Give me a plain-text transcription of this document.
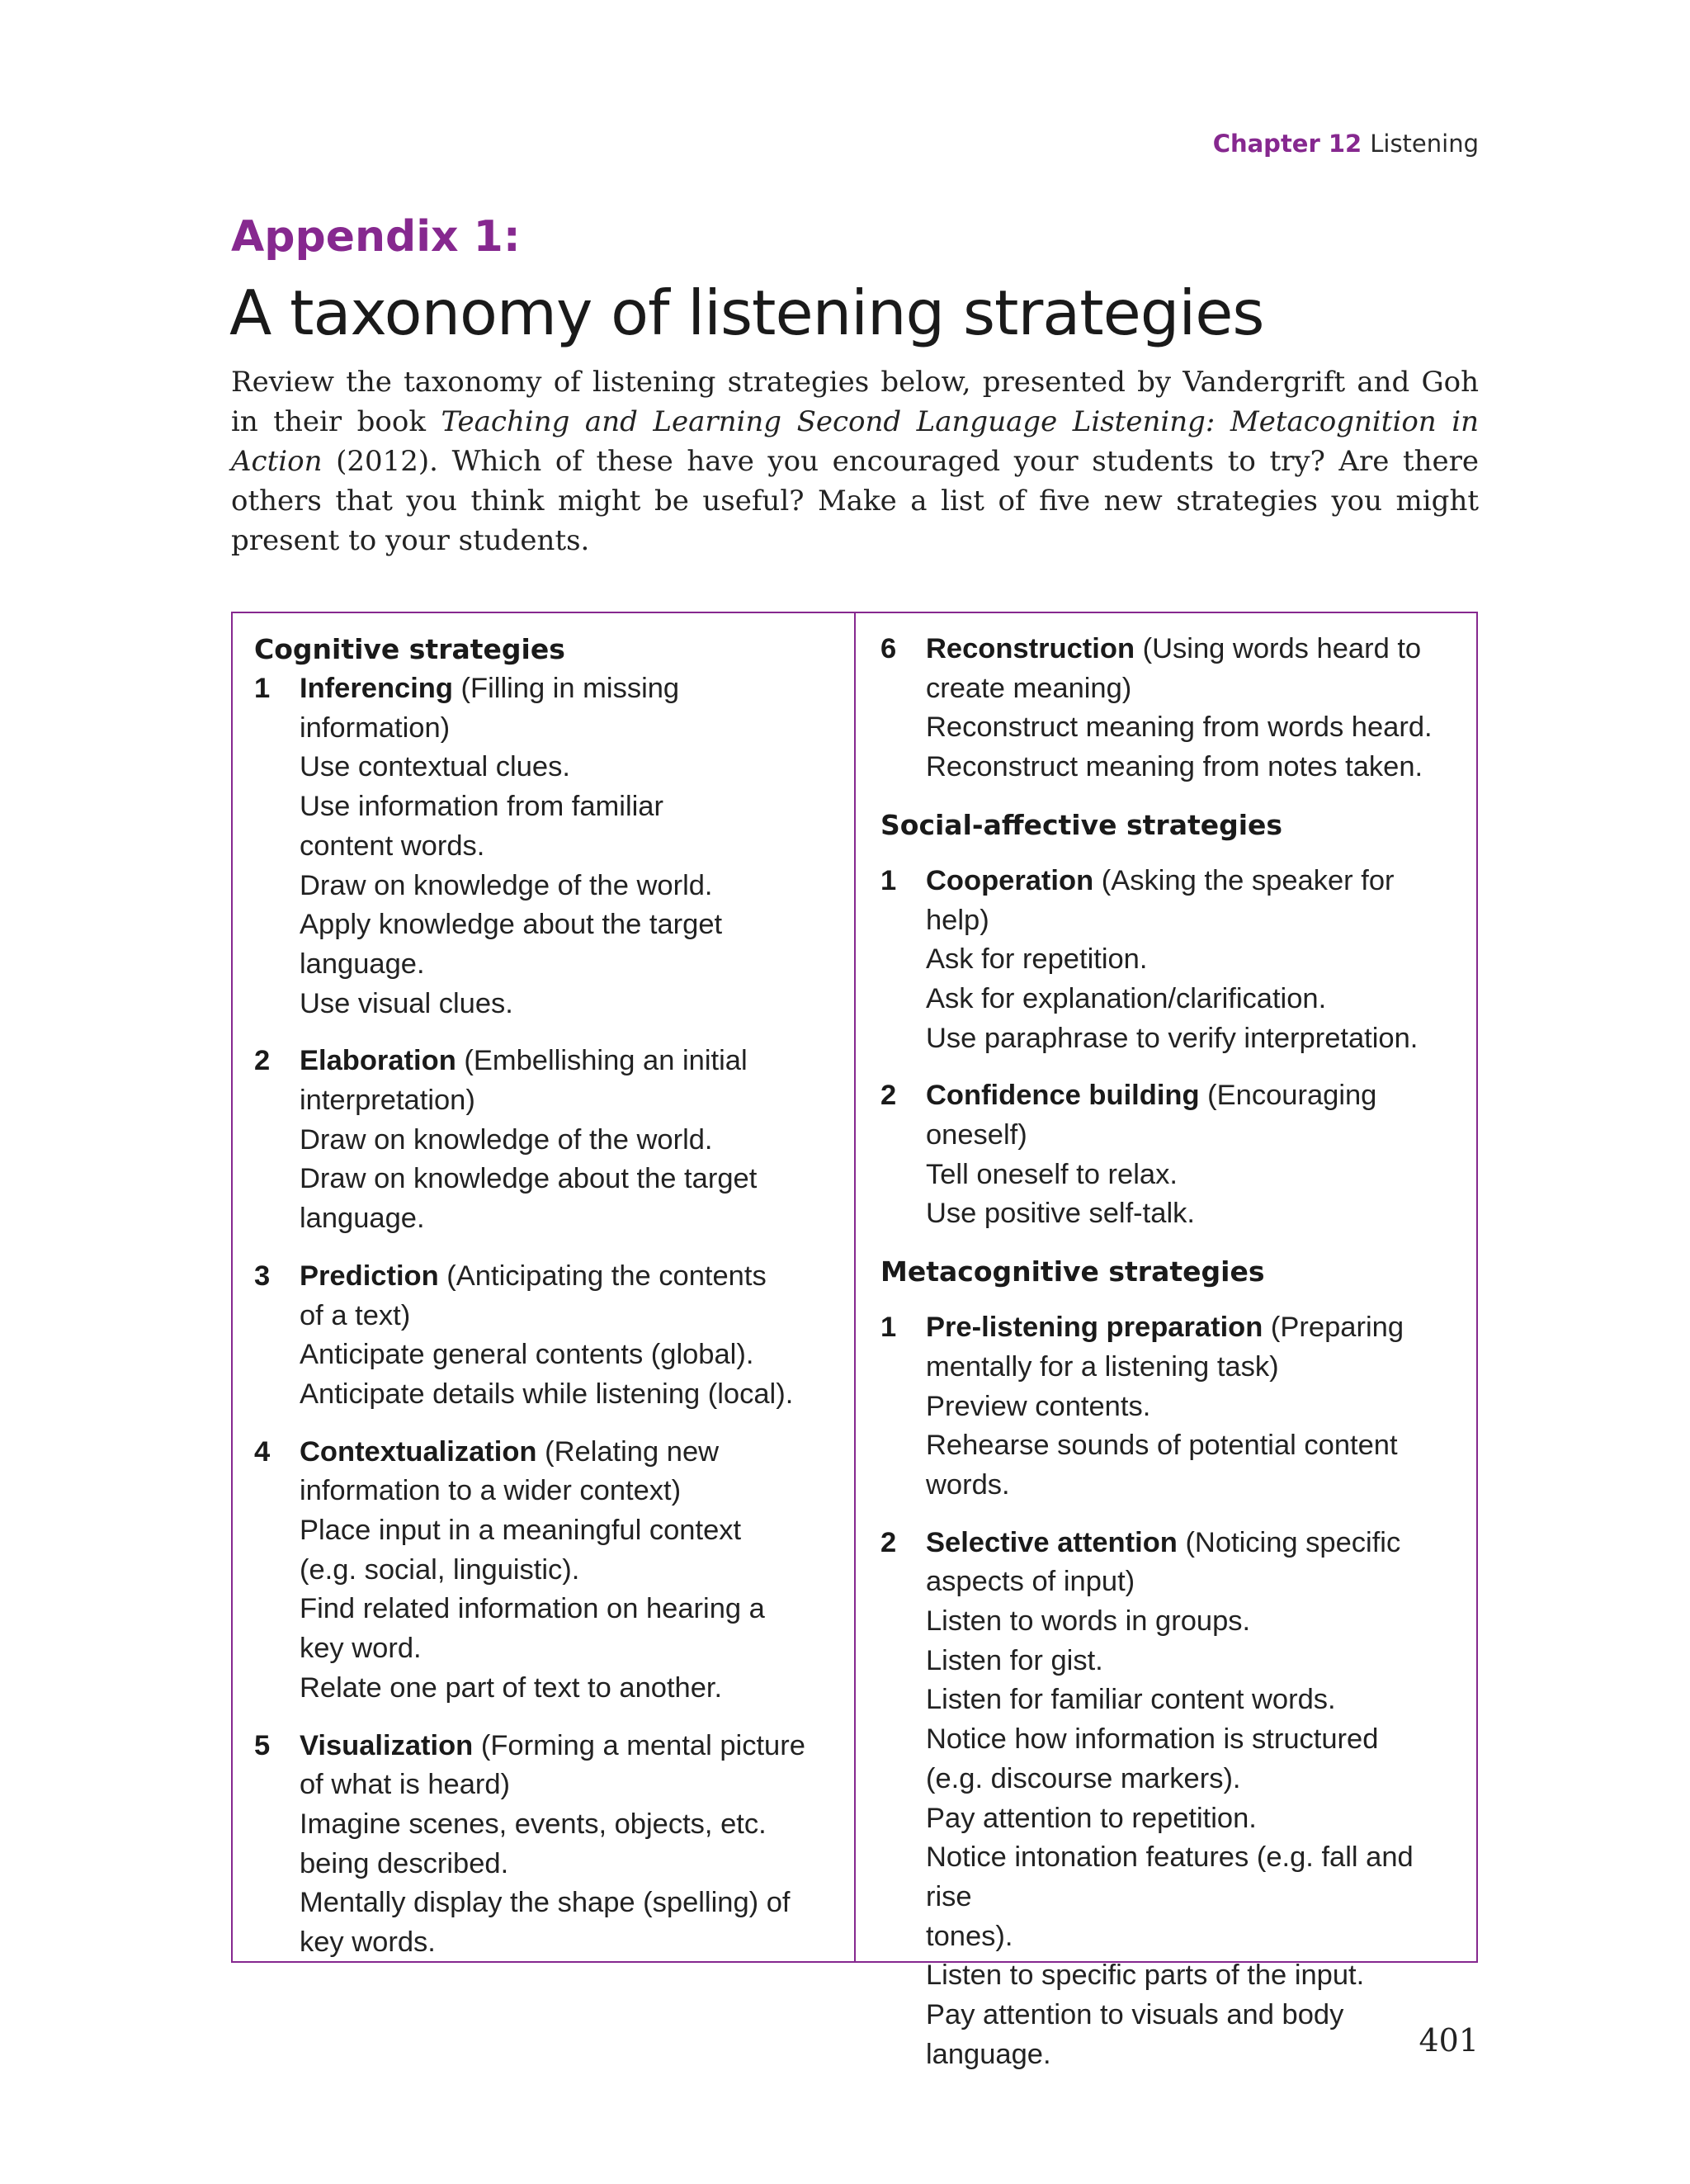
Chapter 12 Listening
Appendix 1:
A taxonomy of listening strategies

Review the taxonomy of listening strategies below, presented by Vandergrift and Goh in their book Teaching and Learning Second Language Listening: Metacognition in Action (2012). Which of these have you encouraged your students to try? Are there others that you think might be useful? Make a list of five new strategies you might present to your students.

Cognitive strategies
1 Inferencing (Filling in missing
information)
Use contextual clues.
Use information from familiar
content words.
Draw on knowledge of the world.
Apply knowledge about the target
language.
Use visual clues.
2 Elaboration (Embellishing an initial
interpretation)
Draw on knowledge of the world.
Draw on knowledge about the target
language.
3 Prediction (Anticipating the contents
of a text)
Anticipate general contents (global).
Anticipate details while listening (local).
4 Contextualization (Relating new
information to a wider context)
Place input in a meaningful context
(e.g. social, linguistic).
Find related information on hearing a
key word.
Relate one part of text to another.
5 Visualization (Forming a mental picture
of what is heard)
Imagine scenes, events, objects, etc.
being described.
Mentally display the shape (spelling) of
key words.
6 Reconstruction (Using words heard to
create meaning)
Reconstruct meaning from words heard.
Reconstruct meaning from notes taken.
Social-affective strategies
1 Cooperation (Asking the speaker for help)
Ask for repetition.
Ask for explanation/clarification.
Use paraphrase to verify interpretation.
2 Confidence building (Encouraging
oneself)
Tell oneself to relax.
Use positive self-talk.
Metacognitive strategies
1 Pre-listening preparation (Preparing
mentally for a listening task)
Preview contents.
Rehearse sounds of potential content
words.
2 Selective attention (Noticing specific
aspects of input)
Listen to words in groups.
Listen for gist.
Listen for familiar content words.
Notice how information is structured
(e.g. discourse markers).
Pay attention to repetition.
Notice intonation features (e.g. fall and rise
tones).
Listen to specific parts of the input.
Pay attention to visuals and body language.	401
